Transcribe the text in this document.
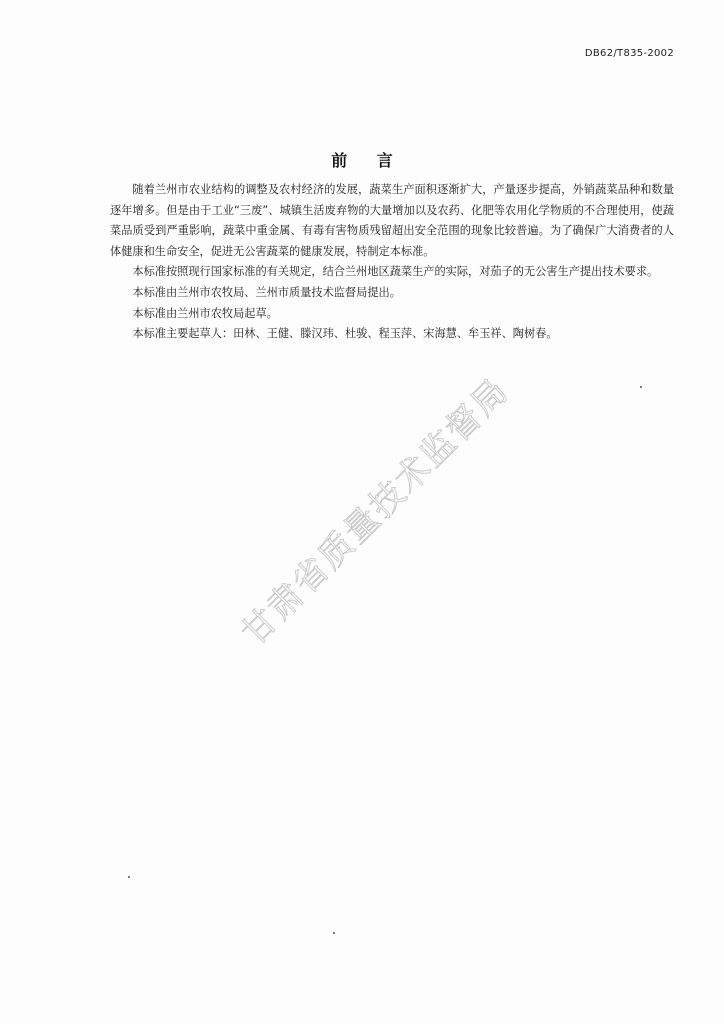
DB62/T835-2002
前 言

随着兰州市农业结构的调整及农村经济的发展，蔬菜生产面积逐渐扩大，产量逐步提高，外销蔬菜品种和数量逐年增多。但是由于工业“三废”、城镇生活废弃物的大量增加以及农药、化肥等农用化学物质的不合理使用，使蔬菜品质受到严重影响，蔬菜中重金属、有毒有害物质残留超出安全范围的现象比较普遍。为了确保广大消费者的人体健康和生命安全，促进无公害蔬菜的健康发展，特制定本标准。

本标准按照现行国家标准的有关规定，结合兰州地区蔬菜生产的实际，对茄子的无公害生产提出技术要求。

本标准由兰州市农牧局、兰州市质量技术监督局提出。

本标准由兰州市农牧局起草。

本标准主要起草人：田林、王健、滕汉玮、杜骏、程玉萍、宋海慧、牟玉祥、陶树春。

甘肃省质量技术监督局
